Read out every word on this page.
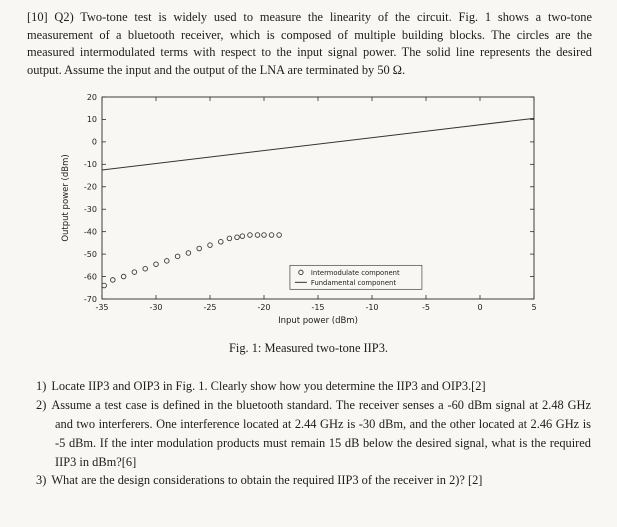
[10] Q2) Two-tone test is widely used to measure the linearity of the circuit. Fig. 1 shows a two-tone measurement of a bluetooth receiver, which is composed of multiple building blocks. The circles are the measured intermodulated terms with respect to the input signal power. The solid line represents the desired output. Assume the input and the output of the LNA are terminated by 50 Ω.

-35	-30	-25	-20	-15	-10	-5	0	5
20
10
0
-10
-20
-30
-40
-50
-60
-70
Input power (dBm)
Output power (dBm)
Intermodulate component
Fundamental component
Fig. 1: Measured two-tone IIP3.
1) Locate IIP3 and OIP3 in Fig. 1. Clearly show how you determine the IIP3 and OIP3.[2]
2) Assume a test case is defined in the bluetooth standard. The receiver senses a -60 dBm signal at 2.48 GHz and two interferers. One interference located at 2.44 GHz is -30 dBm, and the other located at 2.46 GHz is -5 dBm. If the inter modulation products must remain 15 dB below the desired signal, what is the required IIP3 in dBm?[6]
3) What are the design considerations to obtain the required IIP3 of the receiver in 2)? [2]
